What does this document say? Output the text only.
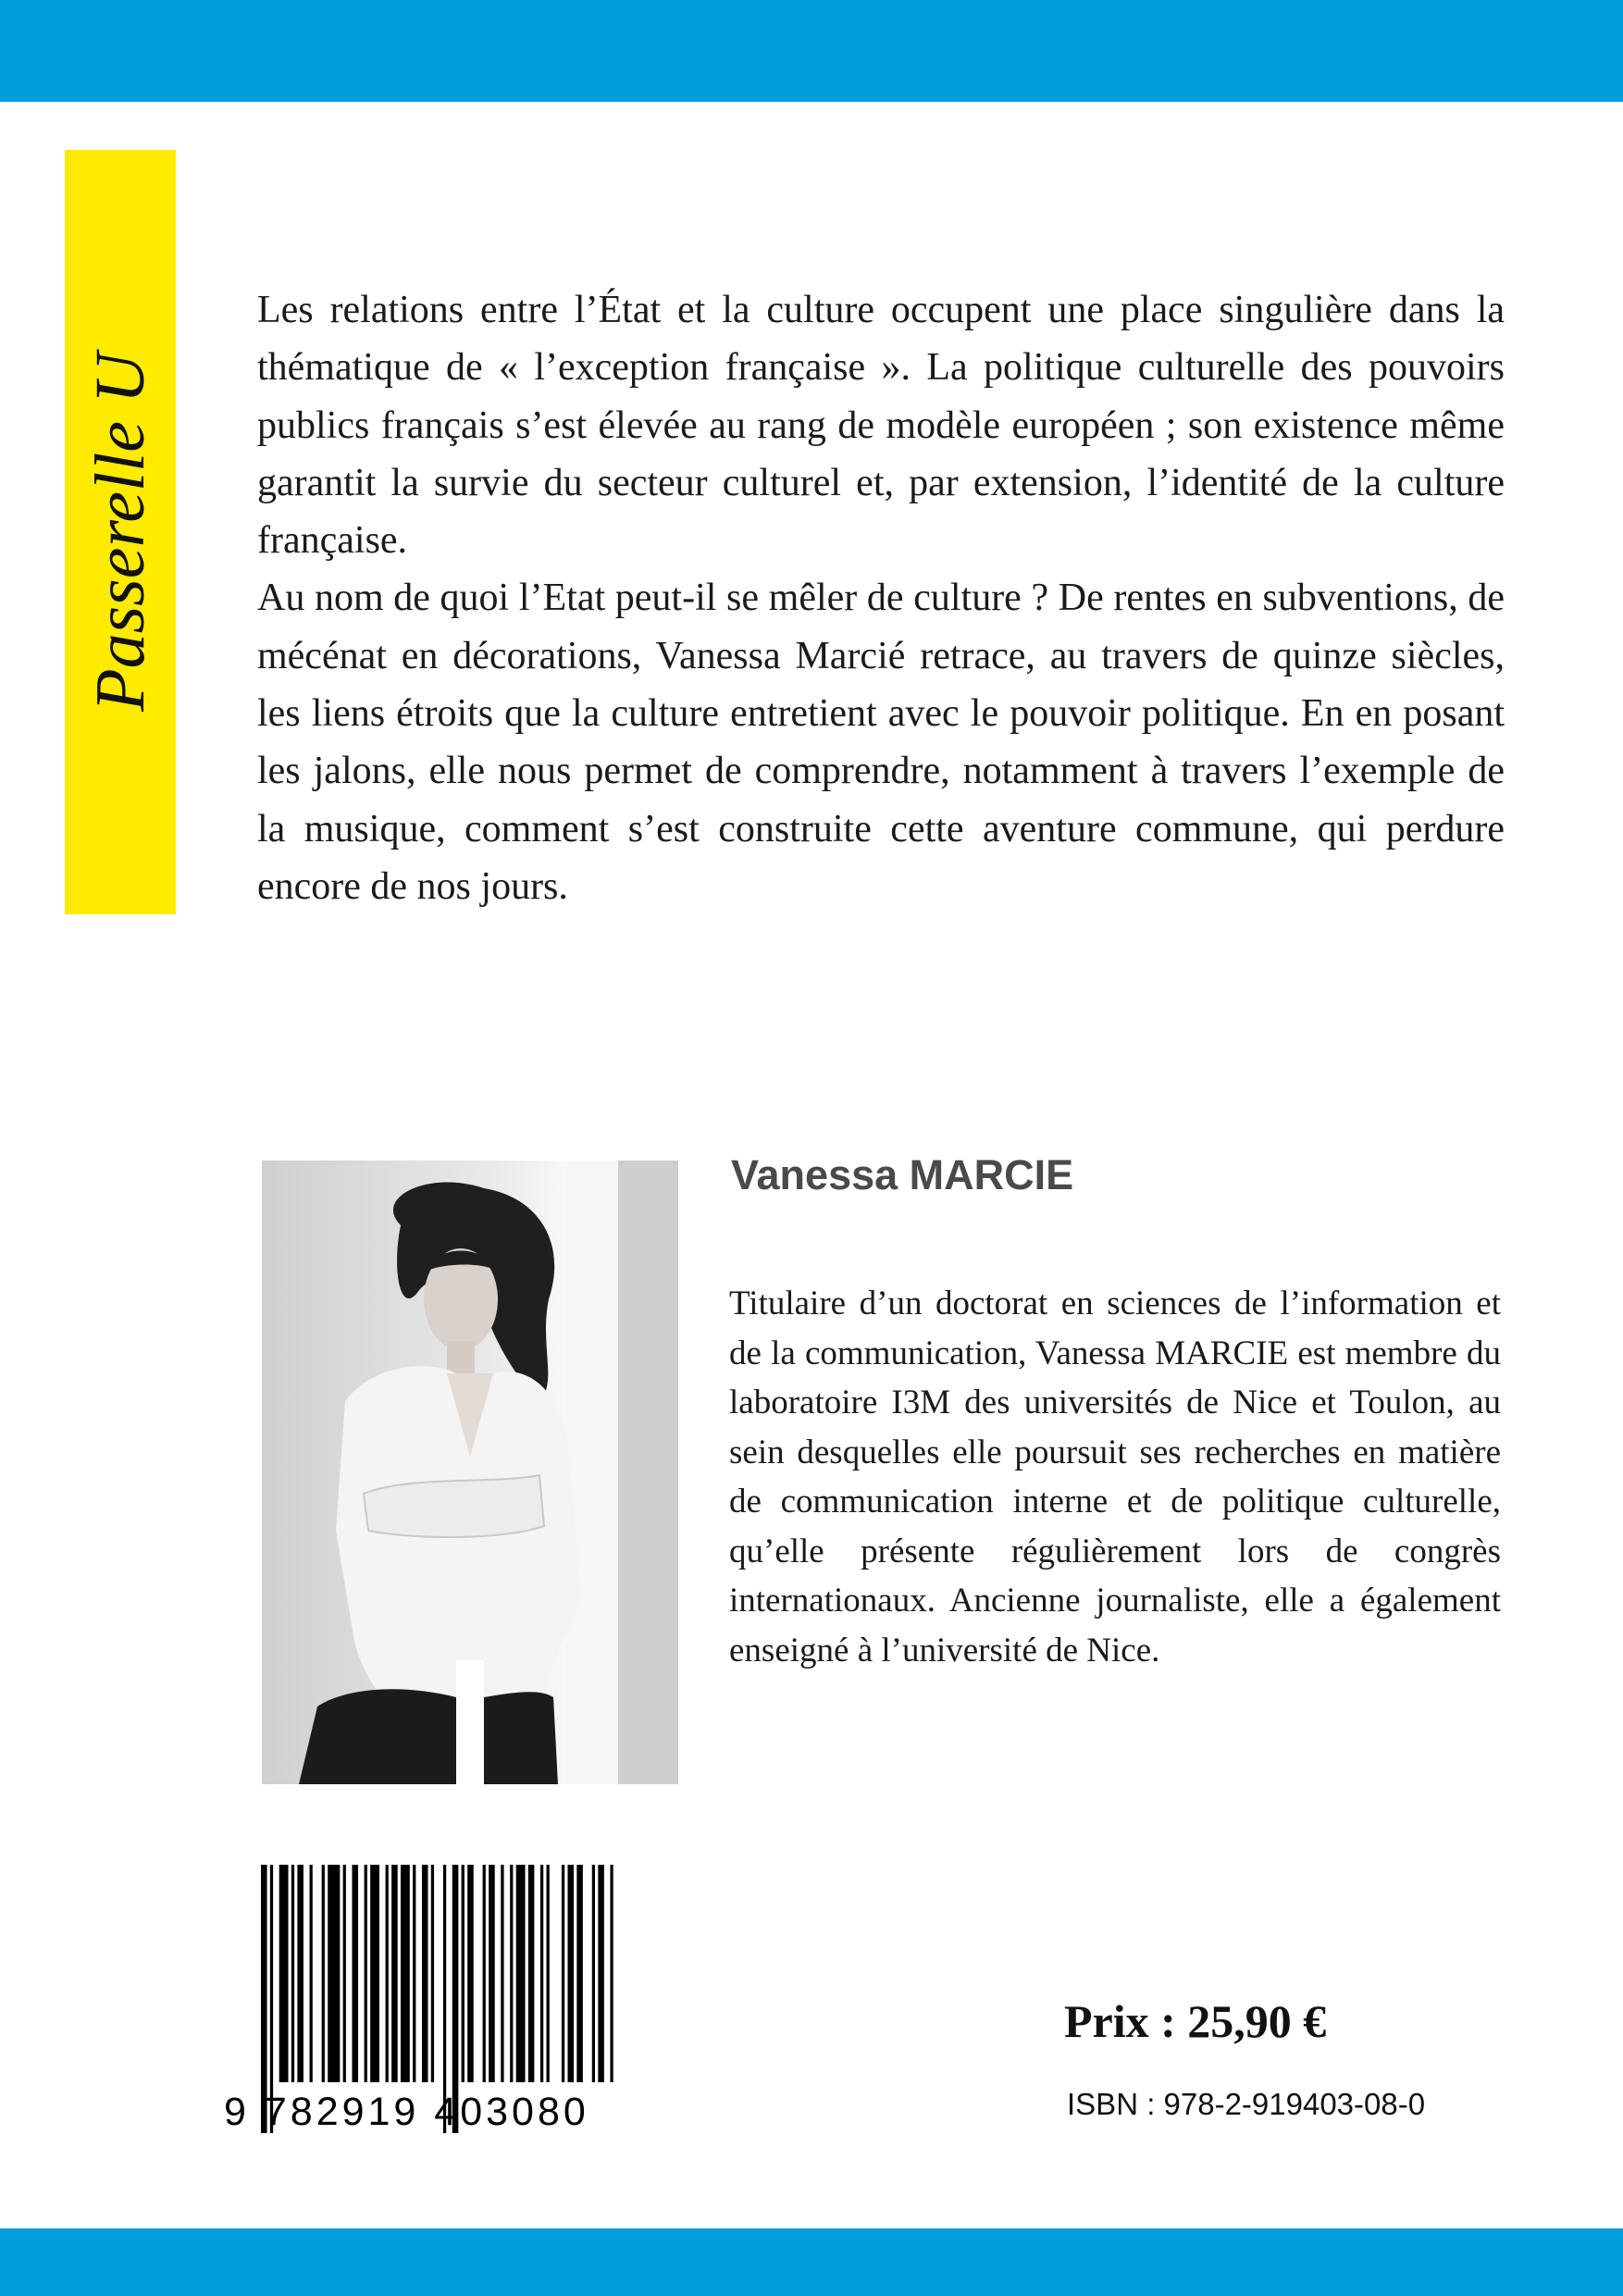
Passerelle U

Les relations entre l’État et la culture occupent une place singulière dans la thématique de « l’exception française ». La politique culturelle des pouvoirs publics français s’est élevée au rang de modèle européen ; son existence même garantit la survie du secteur culturel et, par extension, l’identité de la culture française.

Au nom de quoi l’Etat peut-il se mêler de culture ? De rentes en subventions, de mécénat en décorations, Vanessa Marcié retrace, au travers de quinze siècles, les liens étroits que la culture entretient avec le pouvoir politique. En en posant les jalons, elle nous permet de comprendre, notamment à travers l’exemple de la musique, comment s’est construite cette aventure commune, qui perdure encore de nos jours.

Vanessa MARCIE

Titulaire d’un doctorat en sciences de l’information et de la communication, Vanessa MARCIE est membre du laboratoire I3M des universités de Nice et Toulon, au sein desquelles elle poursuit ses recherches en matière de communication interne et de politique culturelle, qu’elle présente régulièrement lors de congrès internationaux. Ancienne journaliste, elle a également enseigné à l’université de Nice.

9 782919 403080

Prix : 25,90 €

ISBN : 978-2-919403-08-0
